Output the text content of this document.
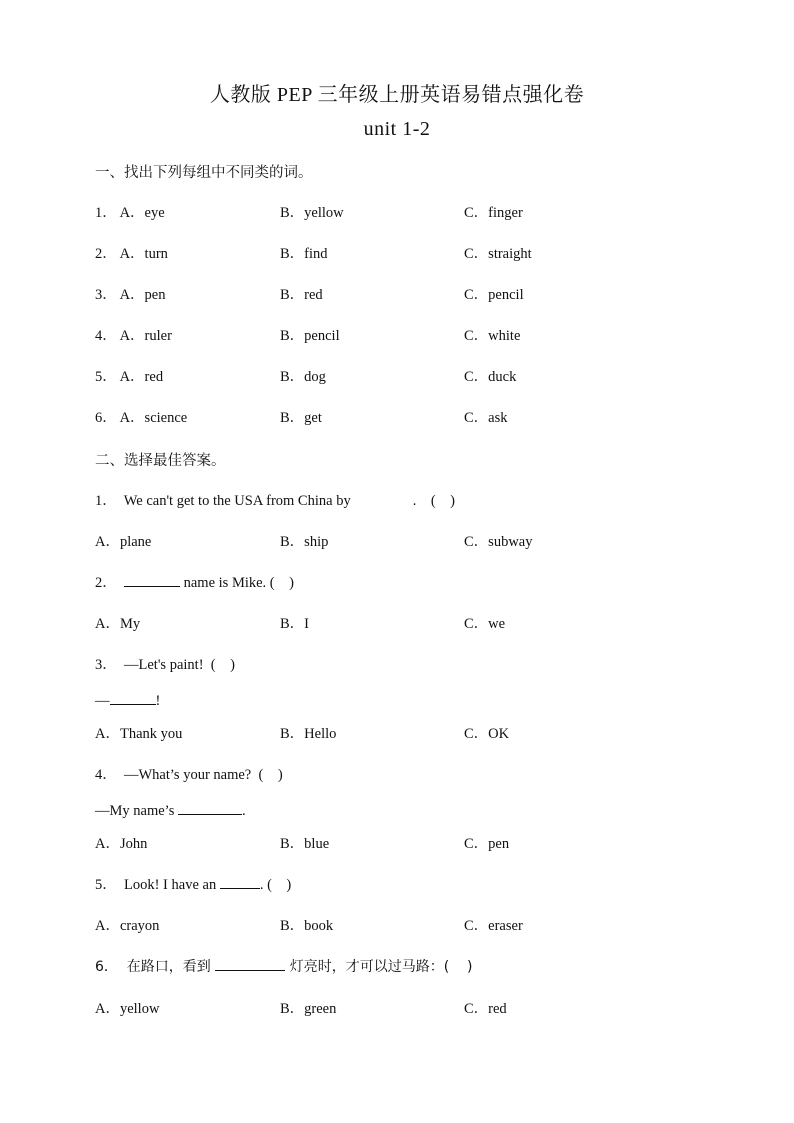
人教版 PEP 三年级上册英语易错点强化卷
unit 1-2
一、找出下列每组中不同类的词。
1． A．eye	B．yellow	C．finger
2． A．turn	B．find	C．straight
3． A．pen	B．red	C．pencil
4． A．ruler	B．pencil	C．white
5． A．red	B．dog	C．duck
6． A．science	B．get	C．ask
二、选择最佳答案。
1．  We can't get to the USA from China by	.    (    )
A．plane	B．ship	C．subway
2．	name is Mike. (    )
A．My	B．I	C．we
3．  —Let's paint!  (    )
—	!
A．Thank you	B．Hello	C．OK
4．  —What’s your name?  (    )
—My name’s	.
A．John	B．blue	C．pen
5．  Look! I have an	. (    )
A．crayon	B．book	C．eraser
6．  在路口，看到	灯亮时，才可以过马路：(    )
A．yellow	B．green	C．red
